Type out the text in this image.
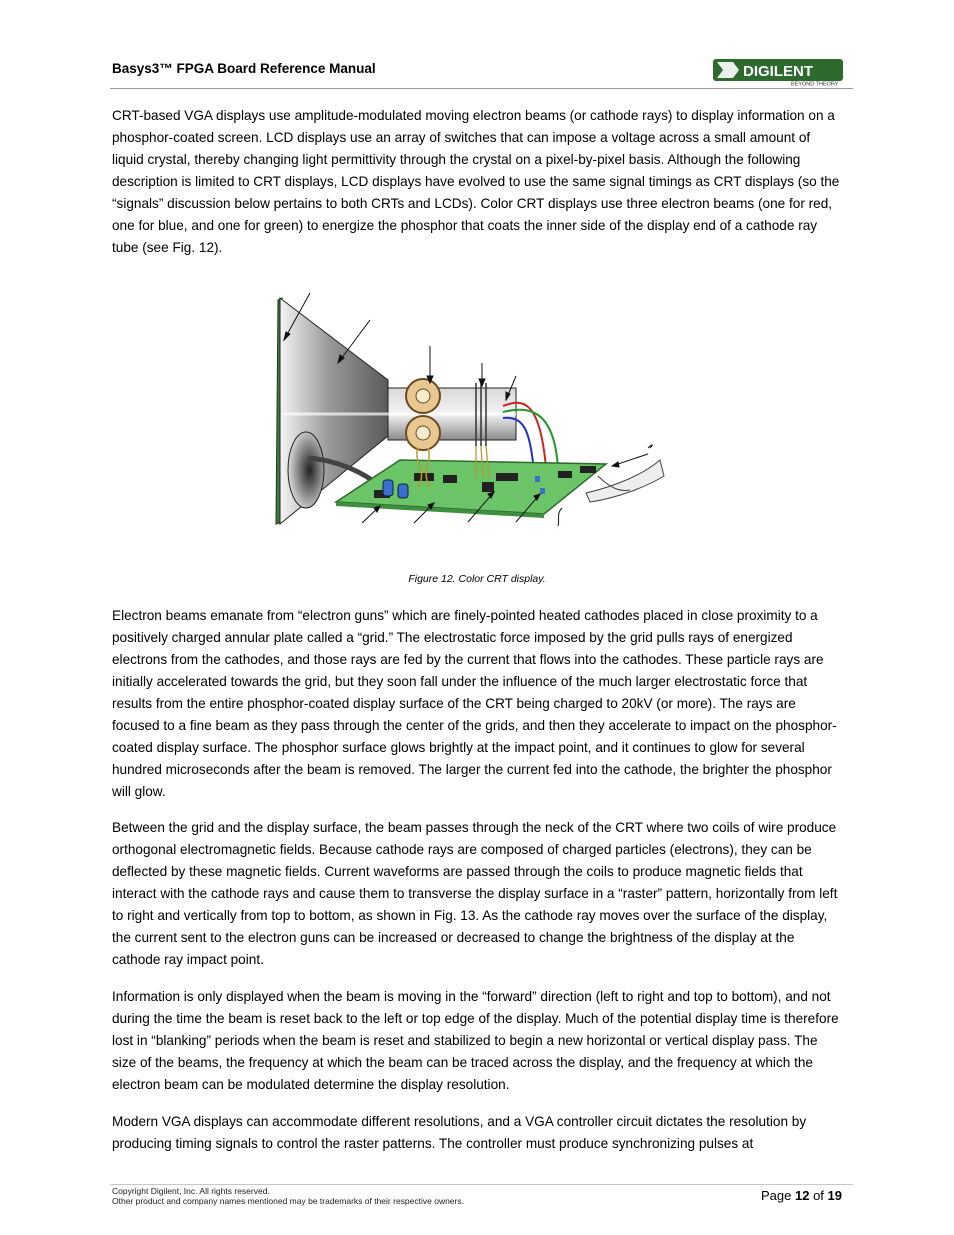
Basys3™ FPGA Board Reference Manual	DIGILENT
BEYOND THEORY

CRT-based VGA displays use amplitude-modulated moving electron beams (or cathode rays) to display information on a phosphor-coated screen. LCD displays use an array of switches that can impose a voltage across a small amount of liquid crystal, thereby changing light permittivity through the crystal on a pixel-by-pixel basis. Although the following description is limited to CRT displays, LCD displays have evolved to use the same signal timings as CRT displays (so the “signals” discussion below pertains to both CRTs and LCDs). Color CRT displays use three electron beams (one for red, one for blue, and one for green) to energize the phosphor that coats the inner side of the display end of a cathode ray tube (see Fig. 12).

Figure 12. Color CRT display.

Electron beams emanate from “electron guns” which are finely-pointed heated cathodes placed in close proximity to a positively charged annular plate called a “grid.” The electrostatic force imposed by the grid pulls rays of energized electrons from the cathodes, and those rays are fed by the current that flows into the cathodes. These particle rays are initially accelerated towards the grid, but they soon fall under the influence of the much larger electrostatic force that results from the entire phosphor-coated display surface of the CRT being charged to 20kV (or more). The rays are focused to a fine beam as they pass through the center of the grids, and then they accelerate to impact on the phosphor-coated display surface. The phosphor surface glows brightly at the impact point, and it continues to glow for several hundred microseconds after the beam is removed. The larger the current fed into the cathode, the brighter the phosphor will glow.

Between the grid and the display surface, the beam passes through the neck of the CRT where two coils of wire produce orthogonal electromagnetic fields. Because cathode rays are composed of charged particles (electrons), they can be deflected by these magnetic fields. Current waveforms are passed through the coils to produce magnetic fields that interact with the cathode rays and cause them to transverse the display surface in a “raster” pattern, horizontally from left to right and vertically from top to bottom, as shown in Fig. 13. As the cathode ray moves over the surface of the display, the current sent to the electron guns can be increased or decreased to change the brightness of the display at the cathode ray impact point.

Information is only displayed when the beam is moving in the “forward” direction (left to right and top to bottom), and not during the time the beam is reset back to the left or top edge of the display. Much of the potential display time is therefore lost in “blanking” periods when the beam is reset and stabilized to begin a new horizontal or vertical display pass. The size of the beams, the frequency at which the beam can be traced across the display, and the frequency at which the electron beam can be modulated determine the display resolution.

Modern VGA displays can accommodate different resolutions, and a VGA controller circuit dictates the resolution by producing timing signals to control the raster patterns. The controller must produce synchronizing pulses at

Copyright Digilent, Inc. All rights reserved.
Other product and company names mentioned may be trademarks of their respective owners.	Page 12 of 19
